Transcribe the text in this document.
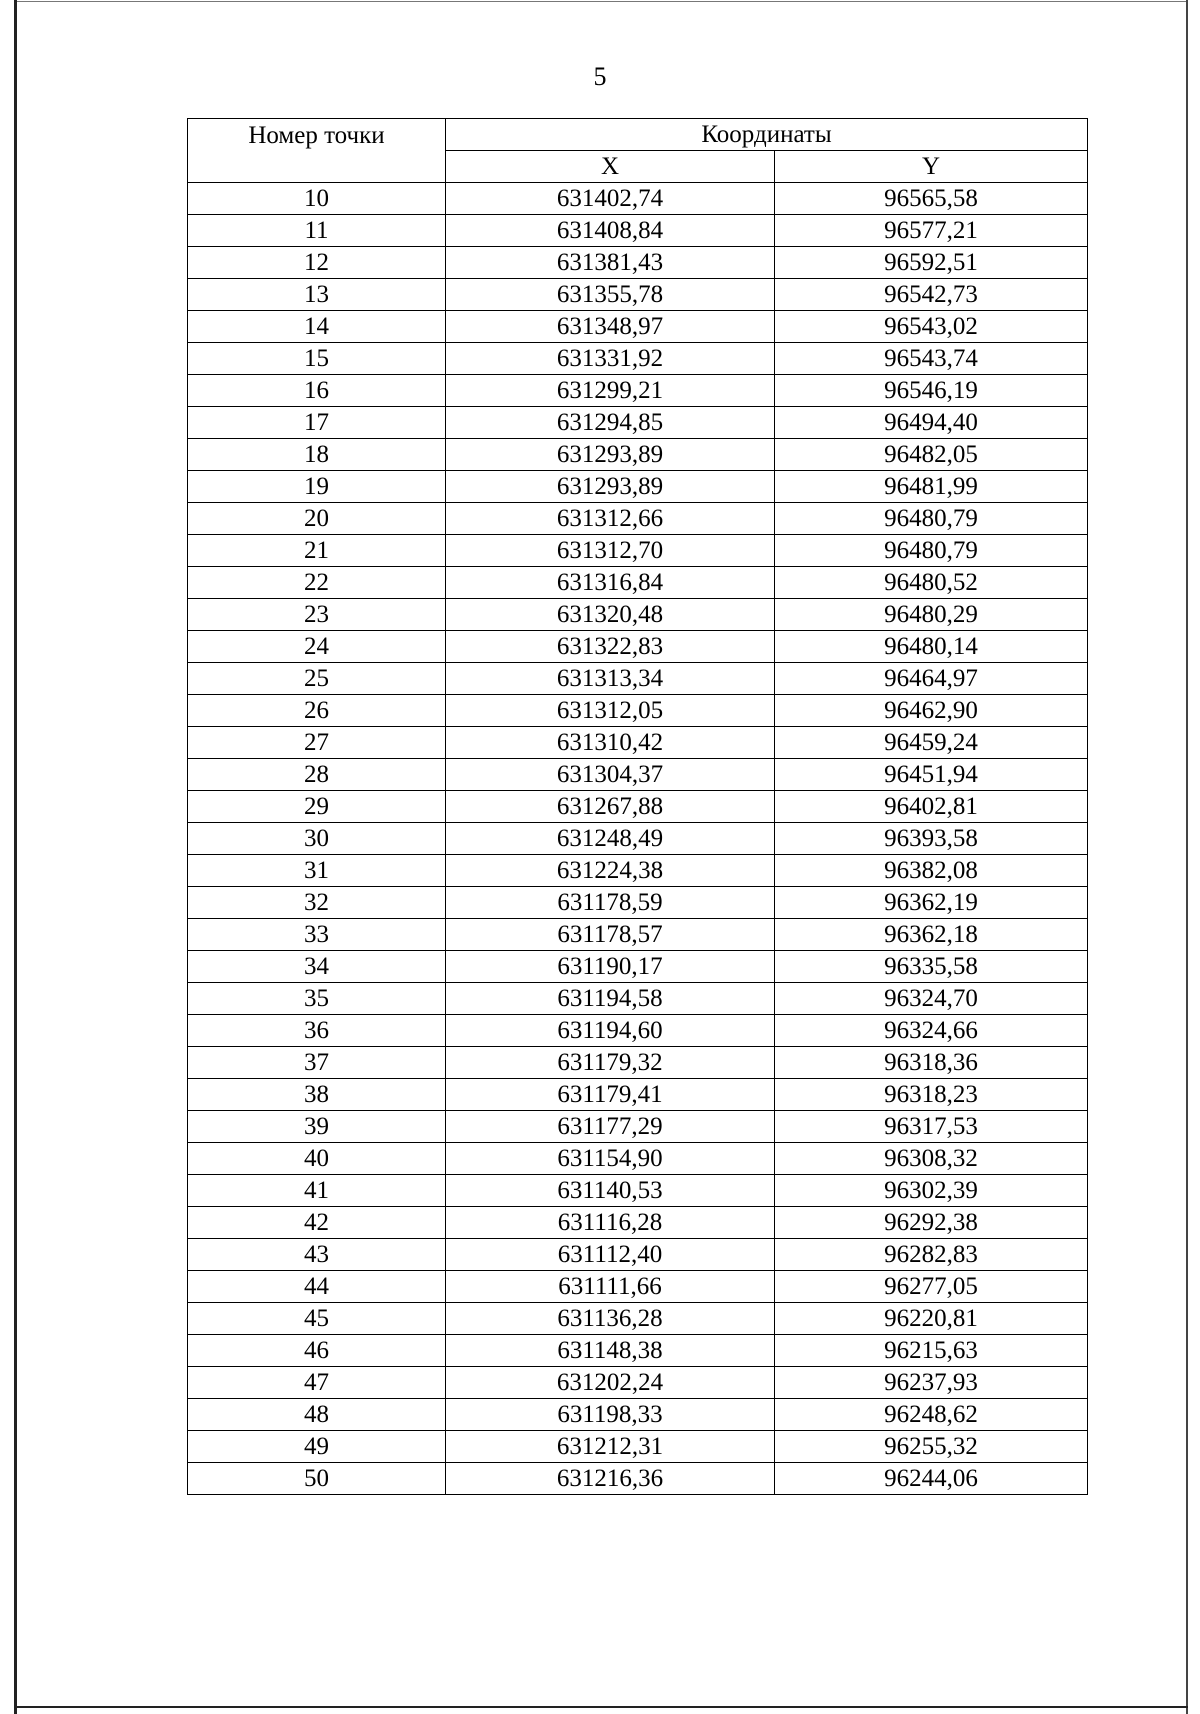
5
Номер точки	Координаты	
	X	Y
10	631402,74	96565,58
11	631408,84	96577,21
12	631381,43	96592,51
13	631355,78	96542,73
14	631348,97	96543,02
15	631331,92	96543,74
16	631299,21	96546,19
17	631294,85	96494,40
18	631293,89	96482,05
19	631293,89	96481,99
20	631312,66	96480,79
21	631312,70	96480,79
22	631316,84	96480,52
23	631320,48	96480,29
24	631322,83	96480,14
25	631313,34	96464,97
26	631312,05	96462,90
27	631310,42	96459,24
28	631304,37	96451,94
29	631267,88	96402,81
30	631248,49	96393,58
31	631224,38	96382,08
32	631178,59	96362,19
33	631178,57	96362,18
34	631190,17	96335,58
35	631194,58	96324,70
36	631194,60	96324,66
37	631179,32	96318,36
38	631179,41	96318,23
39	631177,29	96317,53
40	631154,90	96308,32
41	631140,53	96302,39
42	631116,28	96292,38
43	631112,40	96282,83
44	631111,66	96277,05
45	631136,28	96220,81
46	631148,38	96215,63
47	631202,24	96237,93
48	631198,33	96248,62
49	631212,31	96255,32
50	631216,36	96244,06
